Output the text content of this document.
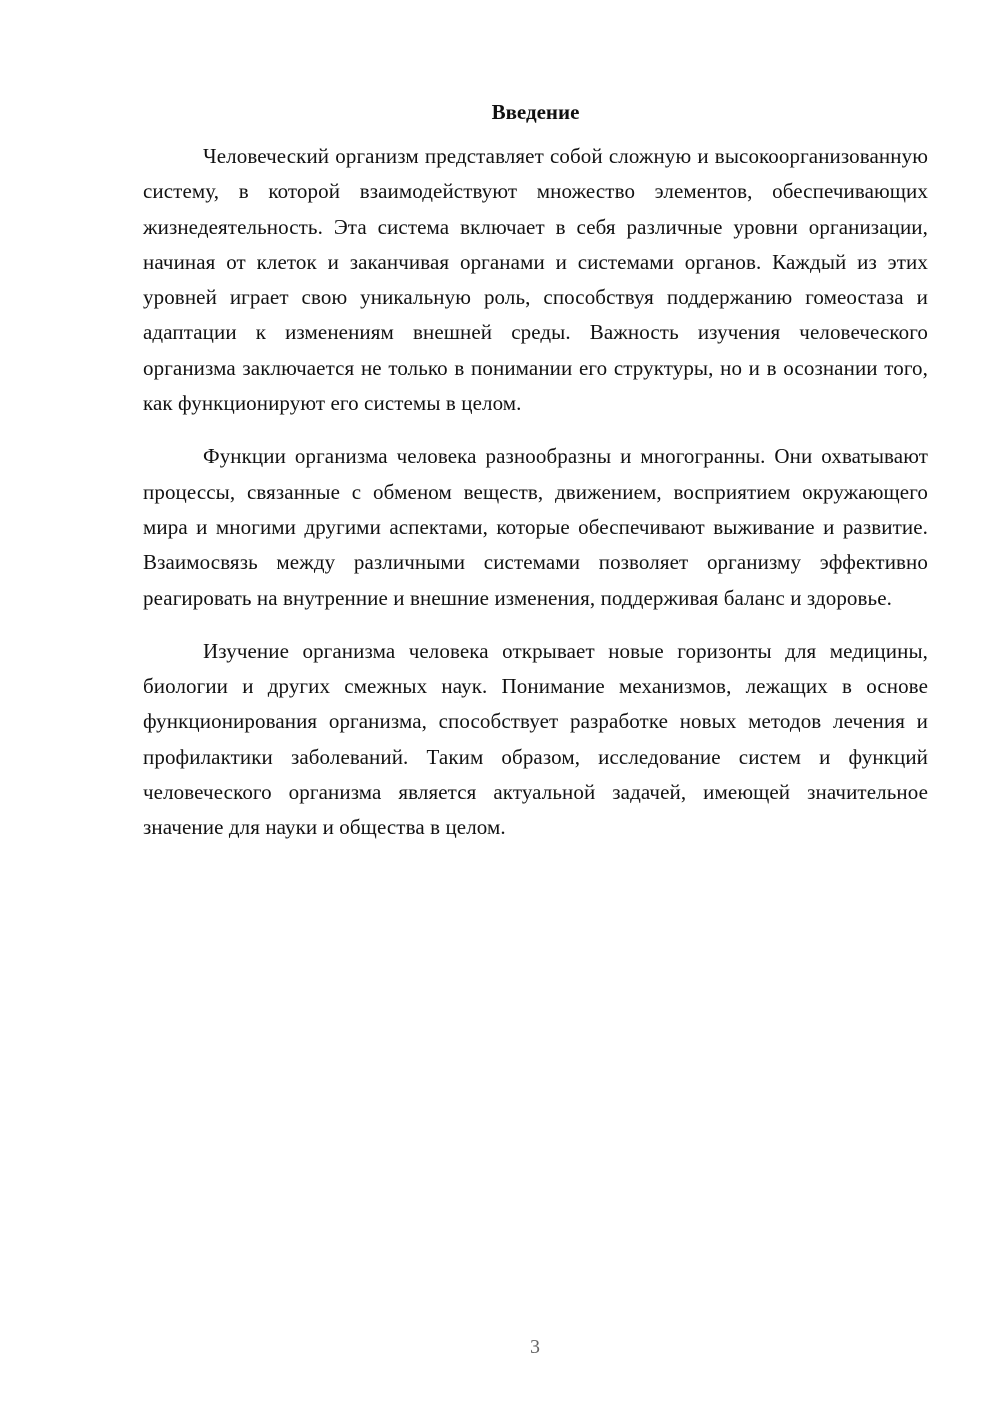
Введение

Человеческий организм представляет собой сложную и высокоорганизованную систему, в которой взаимодействуют множество элементов, обеспечивающих жизнедеятельность. Эта система включает в себя различные уровни организации, начиная от клеток и заканчивая органами и системами органов. Каждый из этих уровней играет свою уникальную роль, способствуя поддержанию гомеостаза и адаптации к изменениям внешней среды. Важность изучения человеческого организма заключается не только в понимании его структуры, но и в осознании того, как функционируют его системы в целом.

Функции организма человека разнообразны и многогранны. Они охватывают процессы, связанные с обменом веществ, движением, восприятием окружающего мира и многими другими аспектами, которые обеспечивают выживание и развитие. Взаимосвязь между различными системами позволяет организму эффективно реагировать на внутренние и внешние изменения, поддерживая баланс и здоровье.

Изучение организма человека открывает новые горизонты для медицины, биологии и других смежных наук. Понимание механизмов, лежащих в основе функционирования организма, способствует разработке новых методов лечения и профилактики заболеваний. Таким образом, исследование систем и функций человеческого организма является актуальной задачей, имеющей значительное значение для науки и общества в целом.

3
